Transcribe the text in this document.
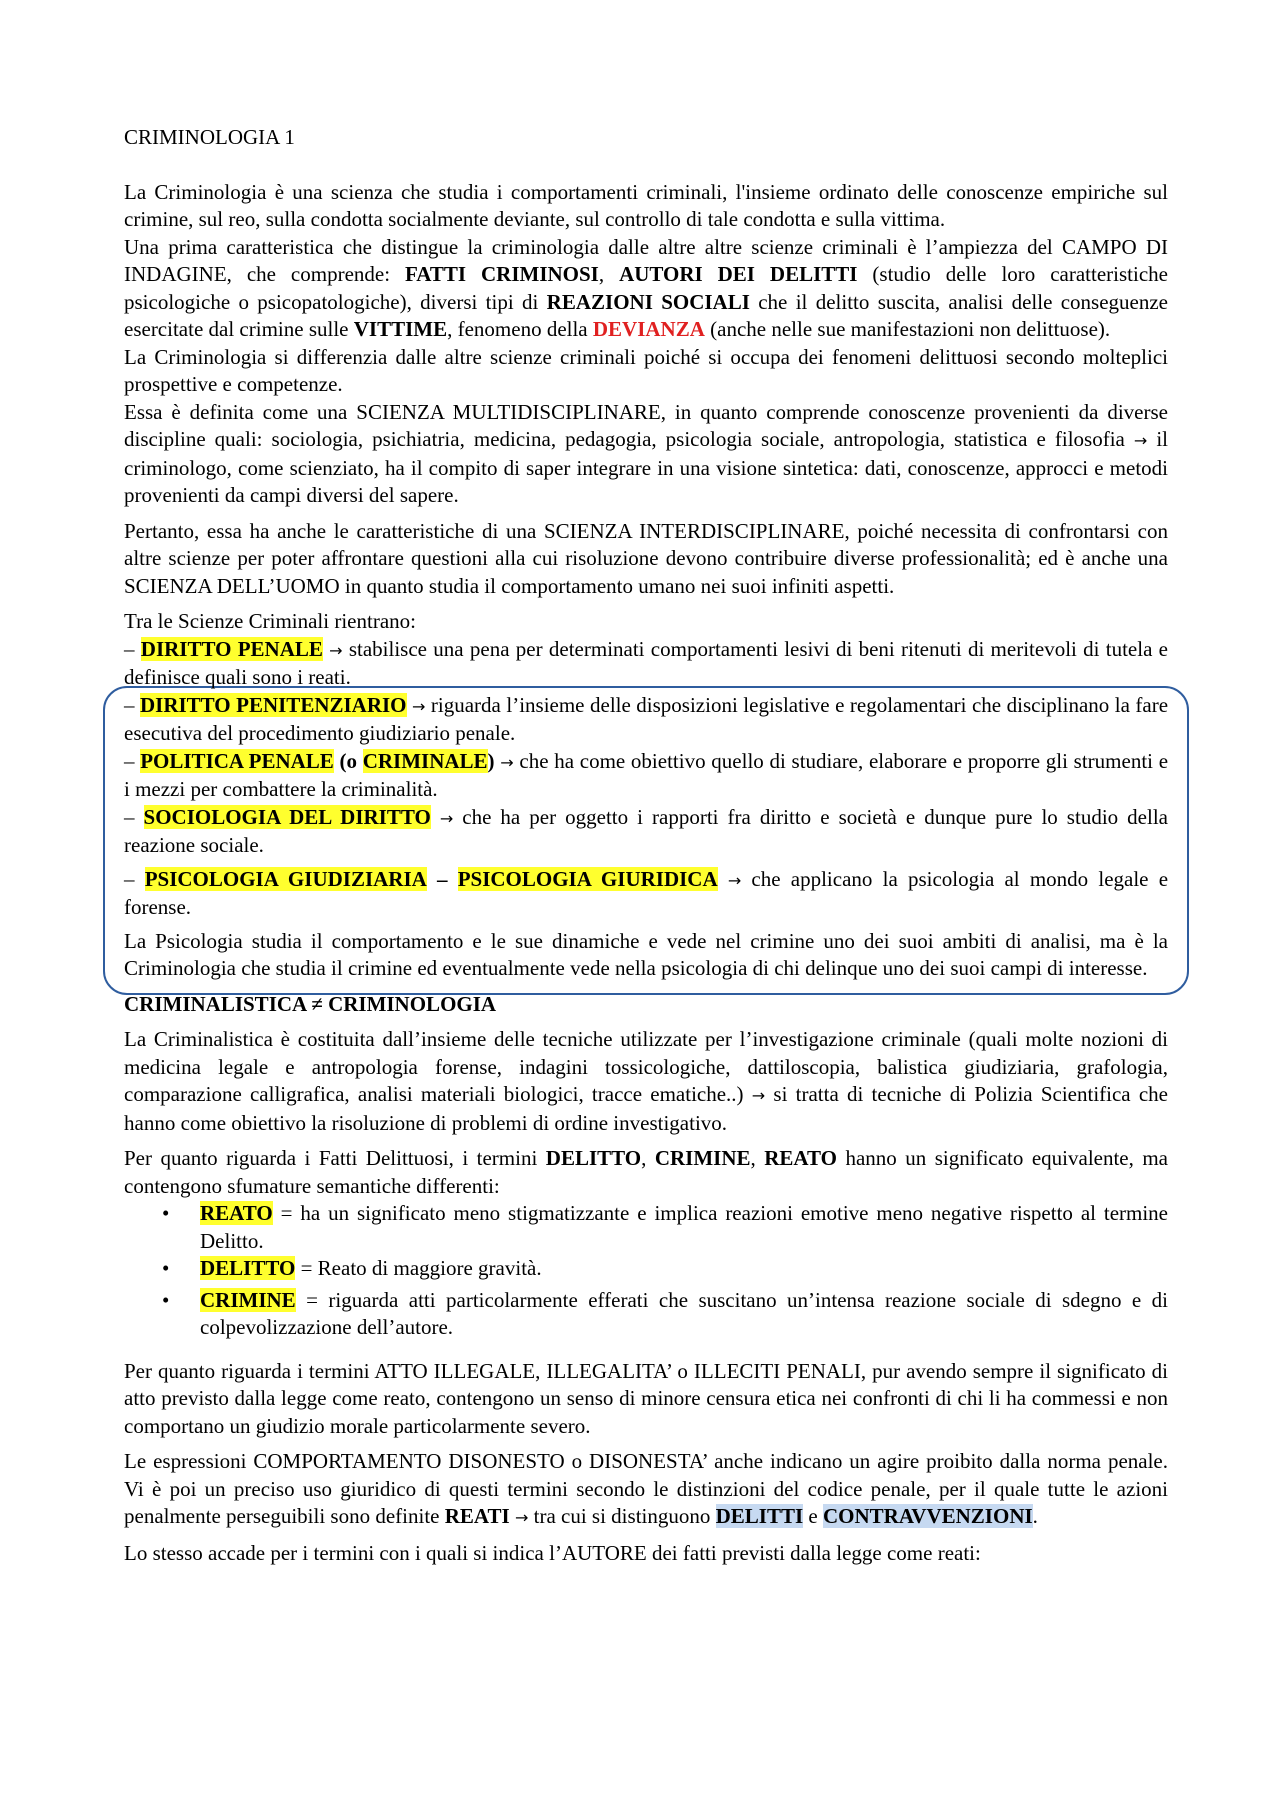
CRIMINOLOGIA 1

La Criminologia è una scienza che studia i comportamenti criminali, l'insieme ordinato delle conoscenze empiriche sul crimine, sul reo, sulla condotta socialmente deviante, sul controllo di tale condotta e sulla vittima.

Una prima caratteristica che distingue la criminologia dalle altre altre scienze criminali è l’ampiezza del CAMPO DI INDAGINE, che comprende: FATTI CRIMINOSI, AUTORI DEI DELITTI (studio delle loro caratteristiche psicologiche o psicopatologiche), diversi tipi di REAZIONI SOCIALI che il delitto suscita, analisi delle conseguenze esercitate dal crimine sulle VITTIME, fenomeno della DEVIANZA (anche nelle sue manifestazioni non delittuose).

La Criminologia si differenzia dalle altre scienze criminali poiché si occupa dei fenomeni delittuosi secondo molteplici prospettive e competenze.

Essa è definita come una SCIENZA MULTIDISCIPLINARE, in quanto comprende conoscenze provenienti da diverse discipline quali: sociologia, psichiatria, medicina, pedagogia, psicologia sociale, antropologia, statistica e filosofia → il criminologo, come scienziato, ha il compito di saper integrare in una visione sintetica: dati, conoscenze, approcci e metodi provenienti da campi diversi del sapere.

Pertanto, essa ha anche le caratteristiche di una SCIENZA INTERDISCIPLINARE, poiché necessita di confrontarsi con altre scienze per poter affrontare questioni alla cui risoluzione devono contribuire diverse professionalità; ed è anche una SCIENZA DELL’UOMO in quanto studia il comportamento umano nei suoi infiniti aspetti.

Tra le Scienze Criminali rientrano:

– DIRITTO PENALE → stabilisce una pena per determinati comportamenti lesivi di beni ritenuti di meritevoli di tutela e definisce quali sono i reati.

– DIRITTO PENITENZIARIO → riguarda l’insieme delle disposizioni legislative e regolamentari che disciplinano la fare esecutiva del procedimento giudiziario penale.

– POLITICA PENALE (o CRIMINALE) → che ha come obiettivo quello di studiare, elaborare e proporre gli strumenti e i mezzi per combattere la criminalità.

– SOCIOLOGIA DEL DIRITTO → che ha per oggetto i rapporti fra diritto e società e dunque pure lo studio della reazione sociale.

– PSICOLOGIA GIUDIZIARIA – PSICOLOGIA GIURIDICA → che applicano la psicologia al mondo legale e forense.

La Psicologia studia il comportamento e le sue dinamiche e vede nel crimine uno dei suoi ambiti di analisi, ma è la Criminologia che studia il crimine ed eventualmente vede nella psicologia di chi delinque uno dei suoi campi di interesse.

CRIMINALISTICA ≠ CRIMINOLOGIA

La Criminalistica è costituita dall’insieme delle tecniche utilizzate per l’investigazione criminale (quali molte nozioni di medicina legale e antropologia forense, indagini tossicologiche, dattiloscopia, balistica giudiziaria, grafologia, comparazione calligrafica, analisi materiali biologici, tracce ematiche..) → si tratta di tecniche di Polizia Scientifica che hanno come obiettivo la risoluzione di problemi di ordine investigativo.

Per quanto riguarda i Fatti Delittuosi, i termini DELITTO, CRIMINE, REATO hanno un significato equivalente, ma contengono sfumature semantiche differenti:

• REATO = ha un significato meno stigmatizzante e implica reazioni emotive meno negative rispetto al termine Delitto.
• DELITTO = Reato di maggiore gravità.
• CRIMINE = riguarda atti particolarmente efferati che suscitano un’intensa reazione sociale di sdegno e di colpevolizzazione dell’autore.

Per quanto riguarda i termini ATTO ILLEGALE, ILLEGALITA’ o ILLECITI PENALI, pur avendo sempre il significato di atto previsto dalla legge come reato, contengono un senso di minore censura etica nei confronti di chi li ha commessi e non comportano un giudizio morale particolarmente severo.

Le espressioni COMPORTAMENTO DISONESTO o DISONESTA’ anche indicano un agire proibito dalla norma penale. Vi è poi un preciso uso giuridico di questi termini secondo le distinzioni del codice penale, per il quale tutte le azioni penalmente perseguibili sono definite REATI → tra cui si distinguono DELITTI e CONTRAVVENZIONI.

Lo stesso accade per i termini con i quali si indica l’AUTORE dei fatti previsti dalla legge come reati:
